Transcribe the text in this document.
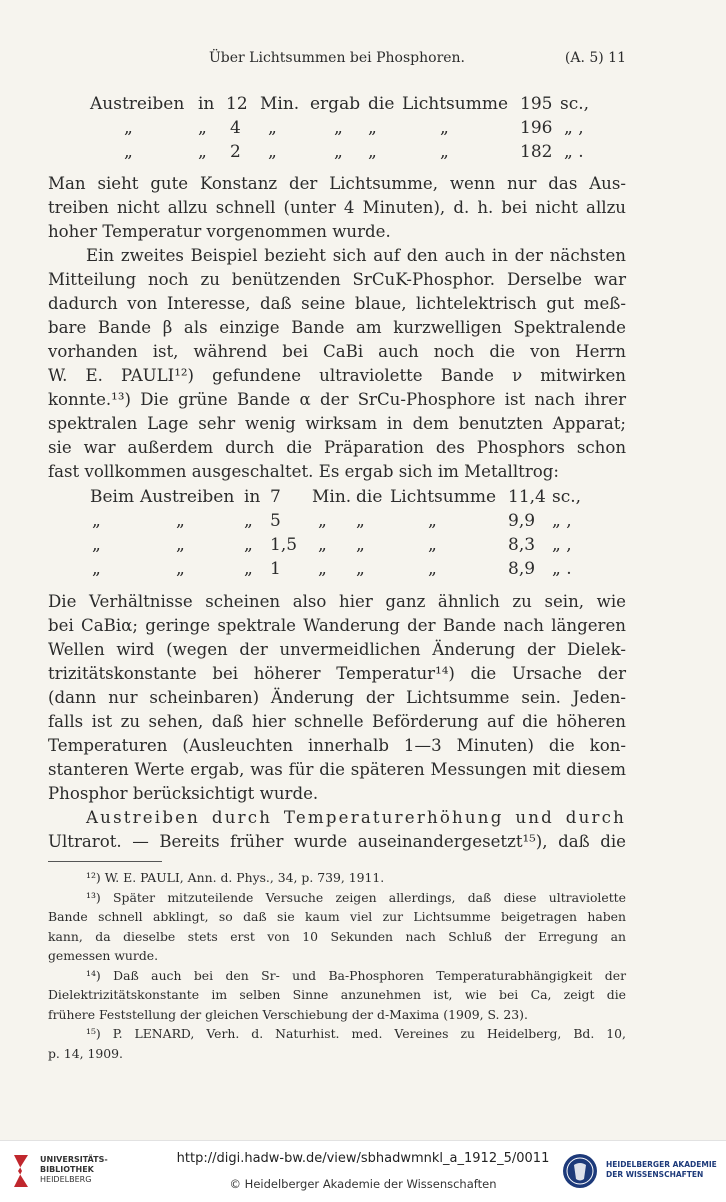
Über Lichtsummen bei Phosphoren.	(A. 5) 11
Austreiben in 12 Min. ergab die Lichtsumme 195 sc.,
„	„ 4 „	„ „	„	196 „ ,
„	„ 2 „	„ „	„	182 „ .
Man sieht gute Konstanz der Lichtsumme, wenn nur das Aus-
treiben nicht allzu schnell (unter 4 Minuten), d. h. bei nicht allzu
hoher Temperatur vorgenommen wurde.
Ein zweites Beispiel bezieht sich auf den auch in der nächsten
Mitteilung noch zu benützenden SrCuK-Phosphor. Derselbe war
dadurch von Interesse, daß seine blaue, lichtelektrisch gut meß-
bare Bande β als einzige Bande am kurzwelligen Spektralende
vorhanden ist, während bei CaBi auch noch die von Herrn
W. E. PAULI¹²) gefundene ultraviolette Bande ν mitwirken
konnte.¹³) Die grüne Bande α der SrCu-Phosphore ist nach ihrer
spektralen Lage sehr wenig wirksam in dem benutzten Apparat;
sie war außerdem durch die Präparation des Phosphors schon
fast vollkommen ausgeschaltet. Es ergab sich im Metalltrog:
Beim Austreiben in 7 Min. die Lichtsumme 11,4 sc.,
„	„	„ 5 „ „	„	9,9 „ ,
„	„	„ 1,5 „ „	„	8,3 „ ,
„	„	„ 1 „ „	„	8,9 „ .
Die Verhältnisse scheinen also hier ganz ähnlich zu sein, wie
bei CaBiα; geringe spektrale Wanderung der Bande nach längeren
Wellen wird (wegen der unvermeidlichen Änderung der Dielek-
trizitätskonstante bei höherer Temperatur¹⁴) die Ursache der
(dann nur scheinbaren) Änderung der Lichtsumme sein. Jeden-
falls ist zu sehen, daß hier schnelle Beförderung auf die höheren
Temperaturen (Ausleuchten innerhalb 1—3 Minuten) die kon-
stanteren Werte ergab, was für die späteren Messungen mit diesem
Phosphor berücksichtigt wurde.
Austreiben durch Temperaturerhöhung und durch
Ultrarot. — Bereits früher wurde auseinandergesetzt¹⁵), daß die
¹²) W. E. PAULI, Ann. d. Phys., 34, p. 739, 1911.
¹³) Später mitzuteilende Versuche zeigen allerdings, daß diese ultraviolette
Bande schnell abklingt, so daß sie kaum viel zur Lichtsumme beigetragen haben
kann, da dieselbe stets erst von 10 Sekunden nach Schluß der Erregung an
gemessen wurde.
¹⁴) Daß auch bei den Sr- und Ba-Phosphoren Temperaturabhängigkeit der
Dielektrizitätskonstante im selben Sinne anzunehmen ist, wie bei Ca, zeigt die
frühere Feststellung der gleichen Verschiebung der d-Maxima (1909, S. 23).
¹⁵) P. LENARD, Verh. d. Naturhist. med. Vereines zu Heidelberg, Bd. 10,
p. 14, 1909.
UNIVERSITÄTS-
BIBLIOTHEK
HEIDELBERG
http://digi.hadw-bw.de/view/sbhadwmnkl_a_1912_5/0011
© Heidelberger Akademie der Wissenschaften
HEIDELBERGER AKADEMIE
DER WISSENSCHAFTEN
